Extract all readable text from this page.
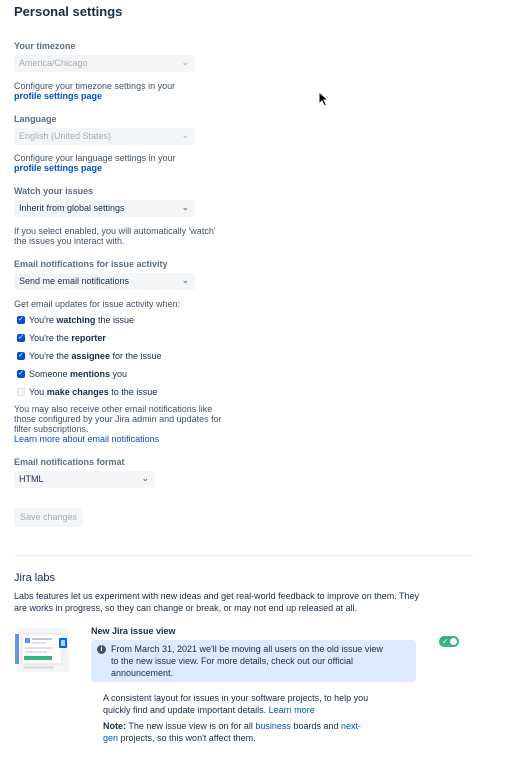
Personal settings
Your timezone
America/Chicago	⌄
Configure your timezone settings in your
profile settings page
Language
English (United States)	⌄
Configure your language settings in your
profile settings page
Watch your issues
Inherit from global settings	⌄
If you select enabled, you will automatically 'watch'
the issues you interact with.
Email notifications for issue activity
Send me email notifications	⌄
Get email updates for issue activity when:
✓ You're watching the issue
✓ You're the reporter
✓ You're the assignee for the issue
✓ Someone mentions you
You make changes to the issue
You may also receive other email notifications like
those configured by your Jira admin and updates for
filter subscriptions.
Learn more about email notifications
Email notifications format
HTML	⌄
Save changes
Jira labs
Labs features let us experiment with new ideas and get real-world feedback to improve on them. They
are works in progress, so they can change or break, or may not end up released at all.
New Jira issue view
i From March 31, 2021 we'll be moving all users on the old issue view
to the new issue view. For more details, check out our official
announcement.
✓
A consistent layout for issues in your software projects, to help you
quickly find and update important details. Learn more
Note: The new issue view is on for all business boards and next-
gen projects, so this won't affect them.
